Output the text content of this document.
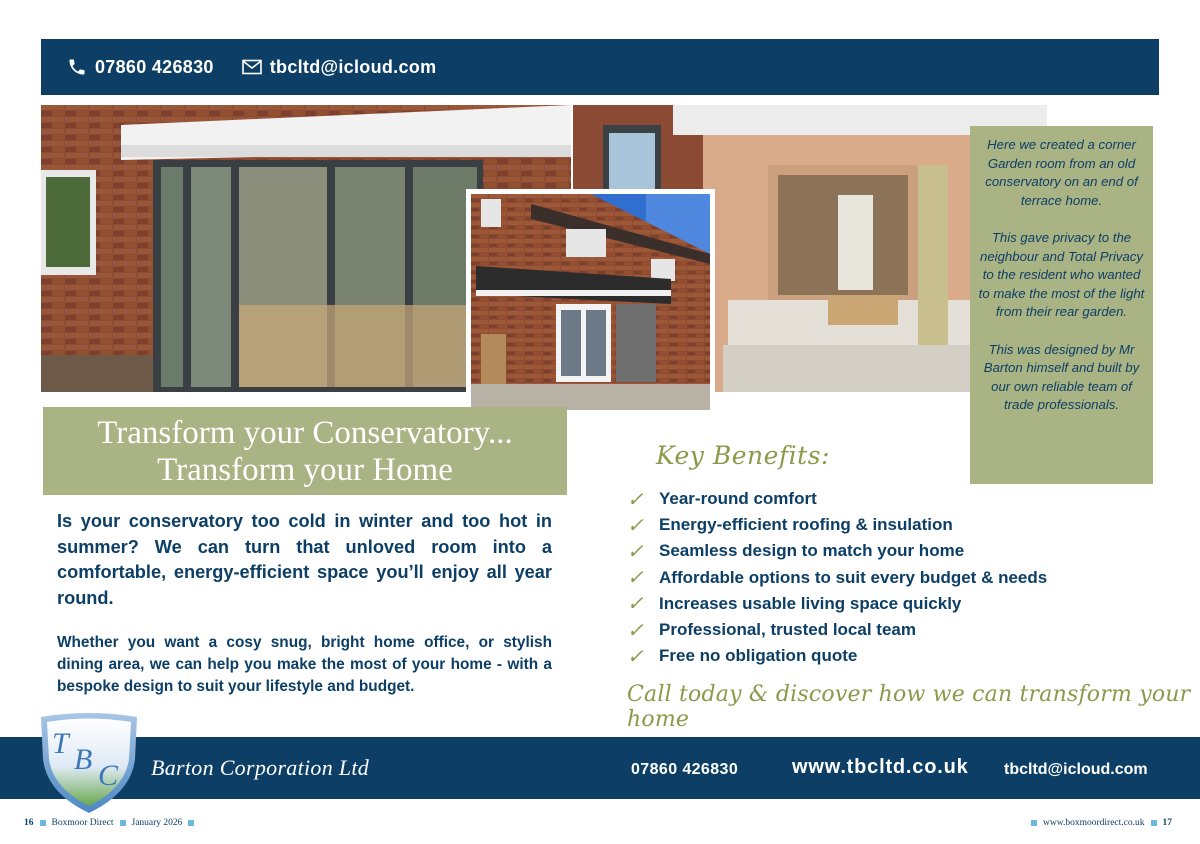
07860 426830	tbcltd@icloud.com

Here we created a corner Garden room from an old conservatory on an end of terrace home.

This gave privacy to the neighbour and Total Privacy to the resident who wanted to make the most of the light from their rear garden.

This was designed by Mr Barton himself and built by our own reliable team of trade professionals.

Transform your Conservatory...
Transform your Home

Is your conservatory too cold in winter and too hot in summer? We can turn that unloved room into a comfortable, energy-efficient space you’ll enjoy all year round.

Whether you want a cosy snug, bright home office, or stylish dining area, we can help you make the most of your home - with a bespoke design to suit your lifestyle and budget.

Key Benefits:
✓ Year-round comfort
✓ Energy-efficient roofing & insulation
✓ Seamless design to match your home
✓ Affordable options to suit every budget & needs
✓ Increases usable living space quickly
✓ Professional, trusted local team
✓ Free no obligation quote
Call today & discover how we can transform your home
Barton Corporation Ltd	07860 426830	www.tbcltd.co.uk tbcltd@icloud.com
T B C
16 Boxmoor Direct January 2026	www.boxmoordirect.co.uk 17
